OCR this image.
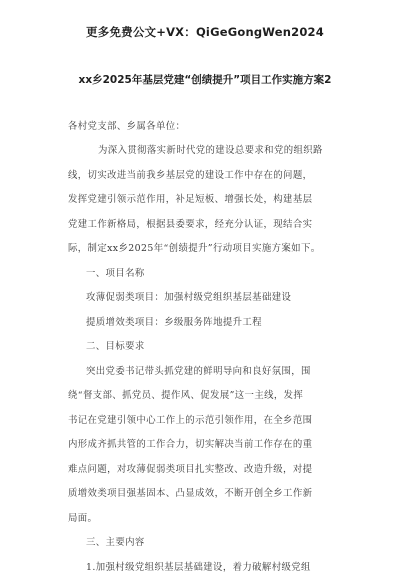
更多免费公文+VX：QiGeGongWen2024
xx乡2025年基层党建“创绩提升”项目工作实施方案2
各村党支部、乡属各单位：
为深入贯彻落实新时代党的建设总要求和党的组织路
线，切实改进当前我乡基层党的建设工作中存在的问题，
发挥党建引领示范作用，补足短板、增强长处，构建基层
党建工作新格局，根据县委要求，经充分认证，现结合实
际，制定xx乡2025年“创绩提升”行动项目实施方案如下。
一、项目名称
攻薄促弱类项目：加强村级党组织基层基础建设
提质增效类项目：乡级服务阵地提升工程
二、目标要求
突出党委书记带头抓党建的鲜明导向和良好氛围，围
绕“督支部、抓党员、提作风、促发展”这一主线，发挥
书记在党建引领中心工作上的示范引领作用，在全乡范围
内形成齐抓共管的工作合力，切实解决当前工作存在的重
难点问题，对攻薄促弱类项目扎实整改、改造升级，对提
质增效类项目强基固本、凸显成效，不断开创全乡工作新
局面。
三、主要内容
1.加强村级党组织基层基础建设，着力破解村级党组
